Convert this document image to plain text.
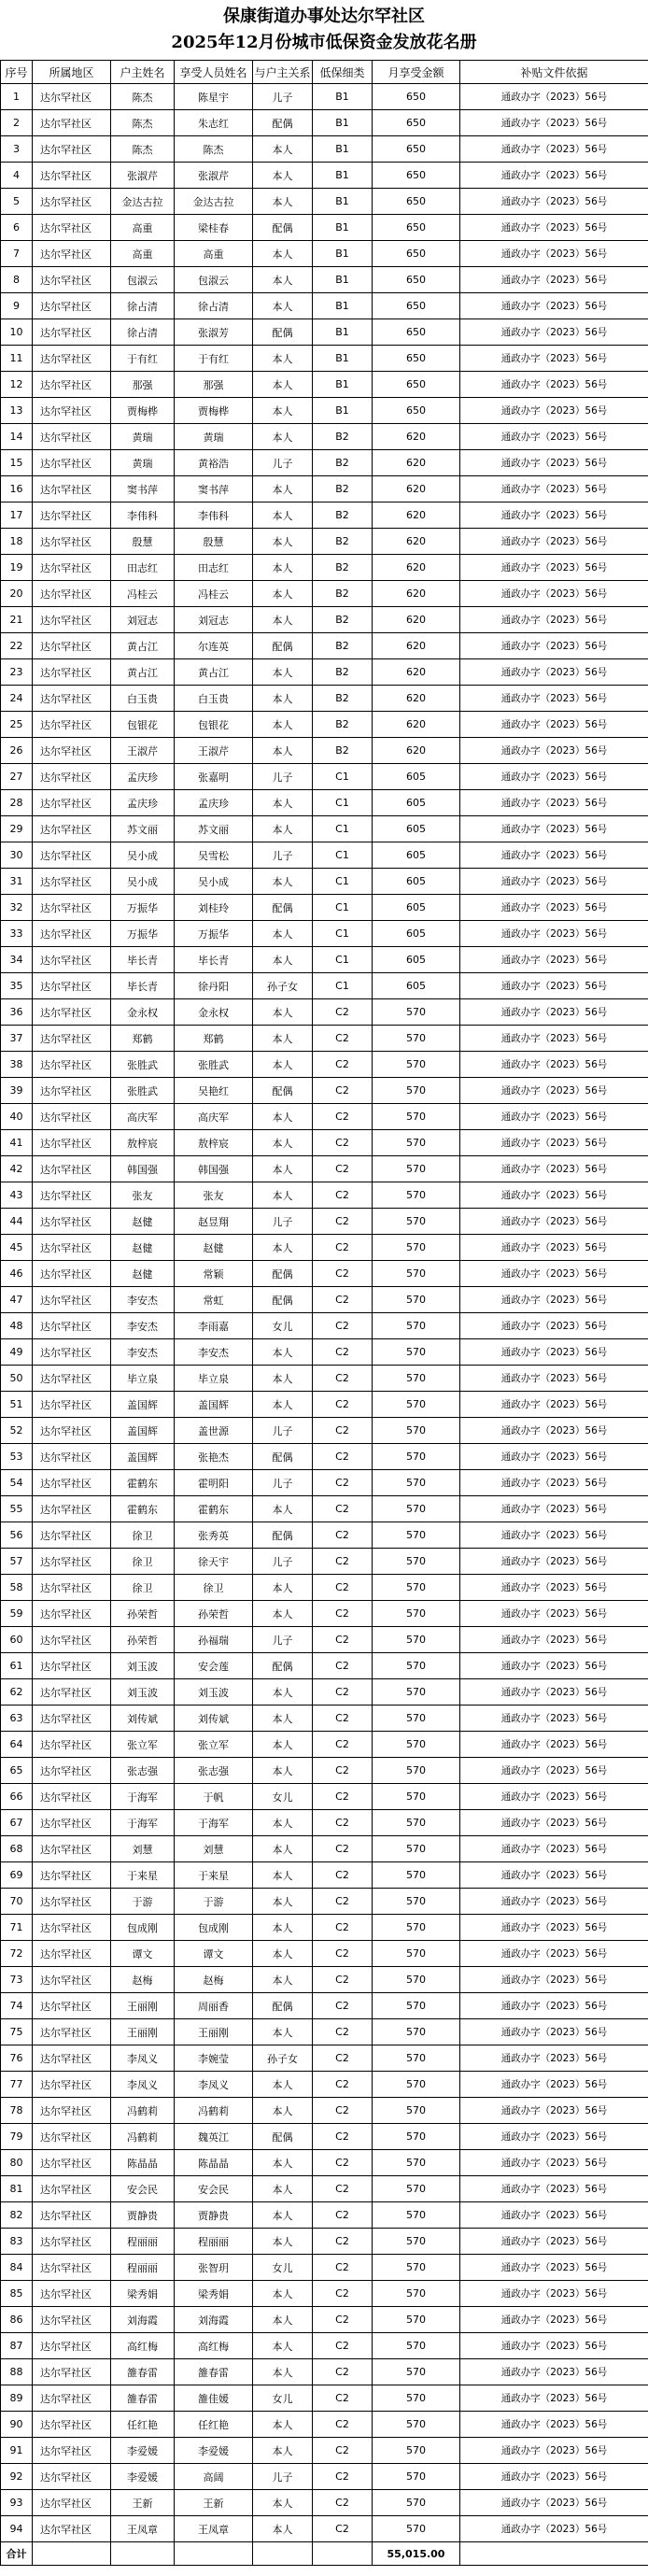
保康街道办事处达尔罕社区
2025年12月份城市低保资金发放花名册
序号	所属地区	户主姓名	享受人员姓名	与户主关系	低保细类	月享受金额	补贴文件依据
1	达尔罕社区	陈杰	陈星宇	儿子	B1	650	通政办字（2023）56号
2	达尔罕社区	陈杰	朱志红	配偶	B1	650	通政办字（2023）56号
3	达尔罕社区	陈杰	陈杰	本人	B1	650	通政办字（2023）56号
4	达尔罕社区	张淑芹	张淑芹	本人	B1	650	通政办字（2023）56号
5	达尔罕社区	金达古拉	金达古拉	本人	B1	650	通政办字（2023）56号
6	达尔罕社区	高重	梁桂春	配偶	B1	650	通政办字（2023）56号
7	达尔罕社区	高重	高重	本人	B1	650	通政办字（2023）56号
8	达尔罕社区	包淑云	包淑云	本人	B1	650	通政办字（2023）56号
9	达尔罕社区	徐占清	徐占清	本人	B1	650	通政办字（2023）56号
10	达尔罕社区	徐占清	张淑芳	配偶	B1	650	通政办字（2023）56号
11	达尔罕社区	于有红	于有红	本人	B1	650	通政办字（2023）56号
12	达尔罕社区	那强	那强	本人	B1	650	通政办字（2023）56号
13	达尔罕社区	贾梅桦	贾梅桦	本人	B1	650	通政办字（2023）56号
14	达尔罕社区	黄瑞	黄瑞	本人	B2	620	通政办字（2023）56号
15	达尔罕社区	黄瑞	黄裕浩	儿子	B2	620	通政办字（2023）56号
16	达尔罕社区	窦书萍	窦书萍	本人	B2	620	通政办字（2023）56号
17	达尔罕社区	李伟科	李伟科	本人	B2	620	通政办字（2023）56号
18	达尔罕社区	殷慧	殷慧	本人	B2	620	通政办字（2023）56号
19	达尔罕社区	田志红	田志红	本人	B2	620	通政办字（2023）56号
20	达尔罕社区	冯桂云	冯桂云	本人	B2	620	通政办字（2023）56号
21	达尔罕社区	刘冠志	刘冠志	本人	B2	620	通政办字（2023）56号
22	达尔罕社区	黄占江	尔连英	配偶	B2	620	通政办字（2023）56号
23	达尔罕社区	黄占江	黄占江	本人	B2	620	通政办字（2023）56号
24	达尔罕社区	白玉贵	白玉贵	本人	B2	620	通政办字（2023）56号
25	达尔罕社区	包银花	包银花	本人	B2	620	通政办字（2023）56号
26	达尔罕社区	王淑芹	王淑芹	本人	B2	620	通政办字（2023）56号
27	达尔罕社区	孟庆珍	张嘉明	儿子	C1	605	通政办字（2023）56号
28	达尔罕社区	孟庆珍	孟庆珍	本人	C1	605	通政办字（2023）56号
29	达尔罕社区	苏文丽	苏文丽	本人	C1	605	通政办字（2023）56号
30	达尔罕社区	吴小成	吴雪松	儿子	C1	605	通政办字（2023）56号
31	达尔罕社区	吴小成	吴小成	本人	C1	605	通政办字（2023）56号
32	达尔罕社区	万振华	刘桂玲	配偶	C1	605	通政办字（2023）56号
33	达尔罕社区	万振华	万振华	本人	C1	605	通政办字（2023）56号
34	达尔罕社区	毕长青	毕长青	本人	C1	605	通政办字（2023）56号
35	达尔罕社区	毕长青	徐丹阳	孙子女	C1	605	通政办字（2023）56号
36	达尔罕社区	金永权	金永权	本人	C2	570	通政办字（2023）56号
37	达尔罕社区	郑鹤	郑鹤	本人	C2	570	通政办字（2023）56号
38	达尔罕社区	张胜武	张胜武	本人	C2	570	通政办字（2023）56号
39	达尔罕社区	张胜武	吴艳红	配偶	C2	570	通政办字（2023）56号
40	达尔罕社区	高庆军	高庆军	本人	C2	570	通政办字（2023）56号
41	达尔罕社区	敖梓宸	敖梓宸	本人	C2	570	通政办字（2023）56号
42	达尔罕社区	韩国强	韩国强	本人	C2	570	通政办字（2023）56号
43	达尔罕社区	张友	张友	本人	C2	570	通政办字（2023）56号
44	达尔罕社区	赵健	赵昱翔	儿子	C2	570	通政办字（2023）56号
45	达尔罕社区	赵健	赵健	本人	C2	570	通政办字（2023）56号
46	达尔罕社区	赵健	常颖	配偶	C2	570	通政办字（2023）56号
47	达尔罕社区	李安杰	常虹	配偶	C2	570	通政办字（2023）56号
48	达尔罕社区	李安杰	李雨嘉	女儿	C2	570	通政办字（2023）56号
49	达尔罕社区	李安杰	李安杰	本人	C2	570	通政办字（2023）56号
50	达尔罕社区	毕立泉	毕立泉	本人	C2	570	通政办字（2023）56号
51	达尔罕社区	盖国辉	盖国辉	本人	C2	570	通政办字（2023）56号
52	达尔罕社区	盖国辉	盖世源	儿子	C2	570	通政办字（2023）56号
53	达尔罕社区	盖国辉	张艳杰	配偶	C2	570	通政办字（2023）56号
54	达尔罕社区	霍鹤东	霍明阳	儿子	C2	570	通政办字（2023）56号
55	达尔罕社区	霍鹤东	霍鹤东	本人	C2	570	通政办字（2023）56号
56	达尔罕社区	徐卫	张秀英	配偶	C2	570	通政办字（2023）56号
57	达尔罕社区	徐卫	徐天宇	儿子	C2	570	通政办字（2023）56号
58	达尔罕社区	徐卫	徐卫	本人	C2	570	通政办字（2023）56号
59	达尔罕社区	孙荣哲	孙荣哲	本人	C2	570	通政办字（2023）56号
60	达尔罕社区	孙荣哲	孙福瑞	儿子	C2	570	通政办字（2023）56号
61	达尔罕社区	刘玉波	安会莲	配偶	C2	570	通政办字（2023）56号
62	达尔罕社区	刘玉波	刘玉波	本人	C2	570	通政办字（2023）56号
63	达尔罕社区	刘传斌	刘传斌	本人	C2	570	通政办字（2023）56号
64	达尔罕社区	张立军	张立军	本人	C2	570	通政办字（2023）56号
65	达尔罕社区	张志强	张志强	本人	C2	570	通政办字（2023）56号
66	达尔罕社区	于海军	于帆	女儿	C2	570	通政办字（2023）56号
67	达尔罕社区	于海军	于海军	本人	C2	570	通政办字（2023）56号
68	达尔罕社区	刘慧	刘慧	本人	C2	570	通政办字（2023）56号
69	达尔罕社区	于来星	于来星	本人	C2	570	通政办字（2023）56号
70	达尔罕社区	于游	于游	本人	C2	570	通政办字（2023）56号
71	达尔罕社区	包成刚	包成刚	本人	C2	570	通政办字（2023）56号
72	达尔罕社区	谭文	谭文	本人	C2	570	通政办字（2023）56号
73	达尔罕社区	赵梅	赵梅	本人	C2	570	通政办字（2023）56号
74	达尔罕社区	王丽刚	周丽香	配偶	C2	570	通政办字（2023）56号
75	达尔罕社区	王丽刚	王丽刚	本人	C2	570	通政办字（2023）56号
76	达尔罕社区	李凤义	李婉莹	孙子女	C2	570	通政办字（2023）56号
77	达尔罕社区	李凤义	李凤义	本人	C2	570	通政办字（2023）56号
78	达尔罕社区	冯鹤莉	冯鹤莉	本人	C2	570	通政办字（2023）56号
79	达尔罕社区	冯鹤莉	魏英江	配偶	C2	570	通政办字（2023）56号
80	达尔罕社区	陈晶晶	陈晶晶	本人	C2	570	通政办字（2023）56号
81	达尔罕社区	安会民	安会民	本人	C2	570	通政办字（2023）56号
82	达尔罕社区	贾静贵	贾静贵	本人	C2	570	通政办字（2023）56号
83	达尔罕社区	程丽丽	程丽丽	本人	C2	570	通政办字（2023）56号
84	达尔罕社区	程丽丽	张智玥	女儿	C2	570	通政办字（2023）56号
85	达尔罕社区	梁秀娟	梁秀娟	本人	C2	570	通政办字（2023）56号
86	达尔罕社区	刘海霞	刘海霞	本人	C2	570	通政办字（2023）56号
87	达尔罕社区	高红梅	高红梅	本人	C2	570	通政办字（2023）56号
88	达尔罕社区	雒春雷	雒春雷	本人	C2	570	通政办字（2023）56号
89	达尔罕社区	雒春雷	雒佳媛	女儿	C2	570	通政办字（2023）56号
90	达尔罕社区	任红艳	任红艳	本人	C2	570	通政办字（2023）56号
91	达尔罕社区	李爱媛	李爱媛	本人	C2	570	通政办字（2023）56号
92	达尔罕社区	李爱媛	高阔	儿子	C2	570	通政办字（2023）56号
93	达尔罕社区	王新	王新	本人	C2	570	通政办字（2023）56号
94	达尔罕社区	王凤章	王凤章	本人	C2	570	通政办字（2023）56号
合计						55,015.00	
